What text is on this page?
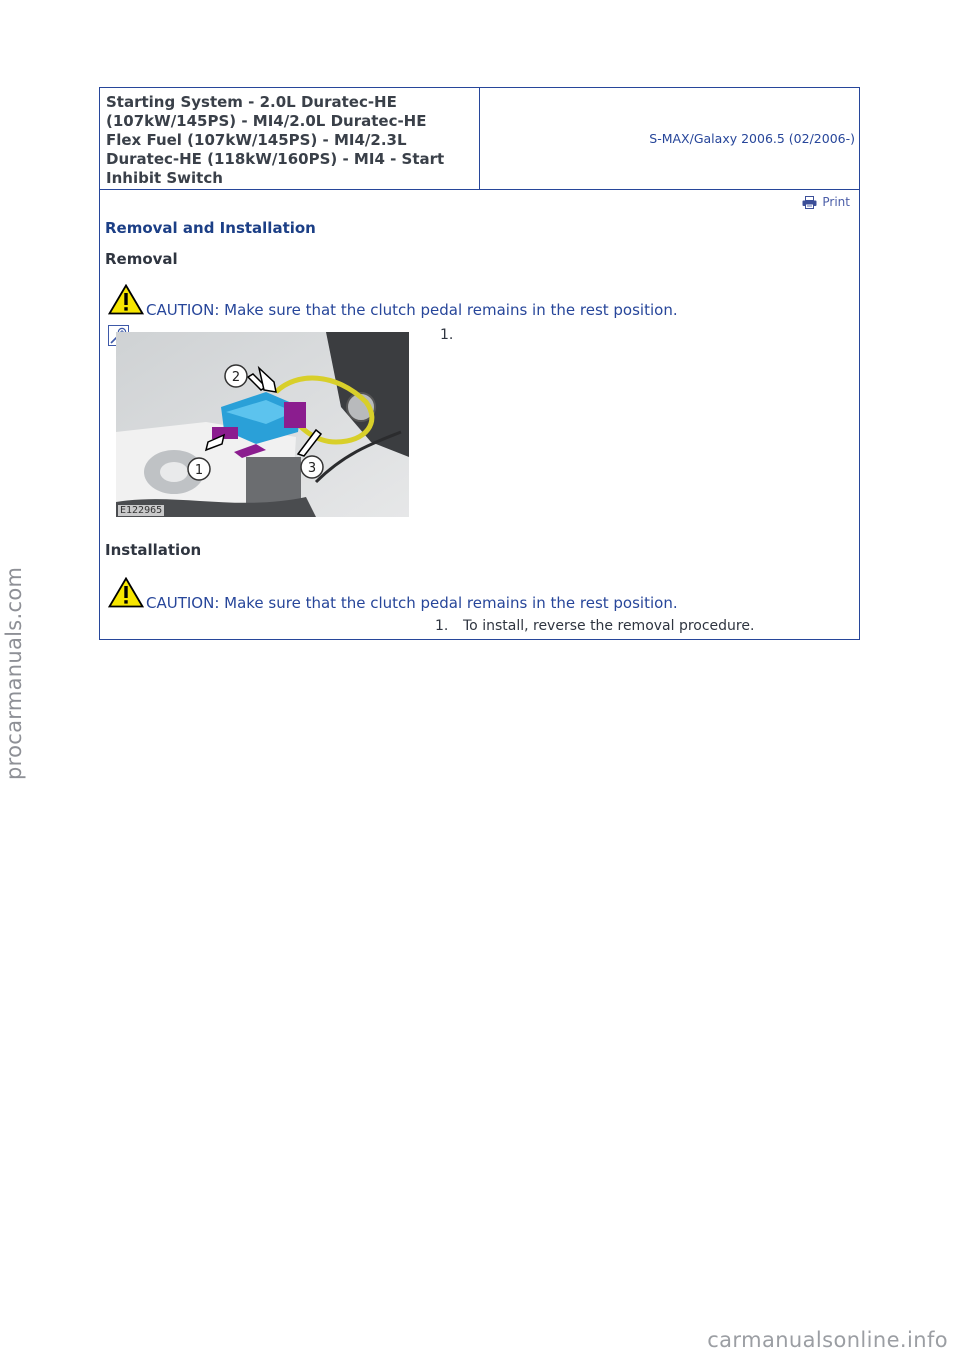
Starting System - 2.0L Duratec-HE
(107kW/145PS) - MI4/2.0L Duratec-HE
Flex Fuel (107kW/145PS) - MI4/2.3L
Duratec-HE (118kW/160PS) - MI4 - Start
Inhibit Switch
S-MAX/Galaxy 2006.5 (02/2006-)
Print
Removal and Installation
Removal
CAUTION: Make sure that the clutch pedal remains in the rest position.
1
2
3
E122965
1.
Installation
CAUTION: Make sure that the clutch pedal remains in the rest position.
1. To install, reverse the removal procedure.
procarmanuals.com
carmanualsonline.info
